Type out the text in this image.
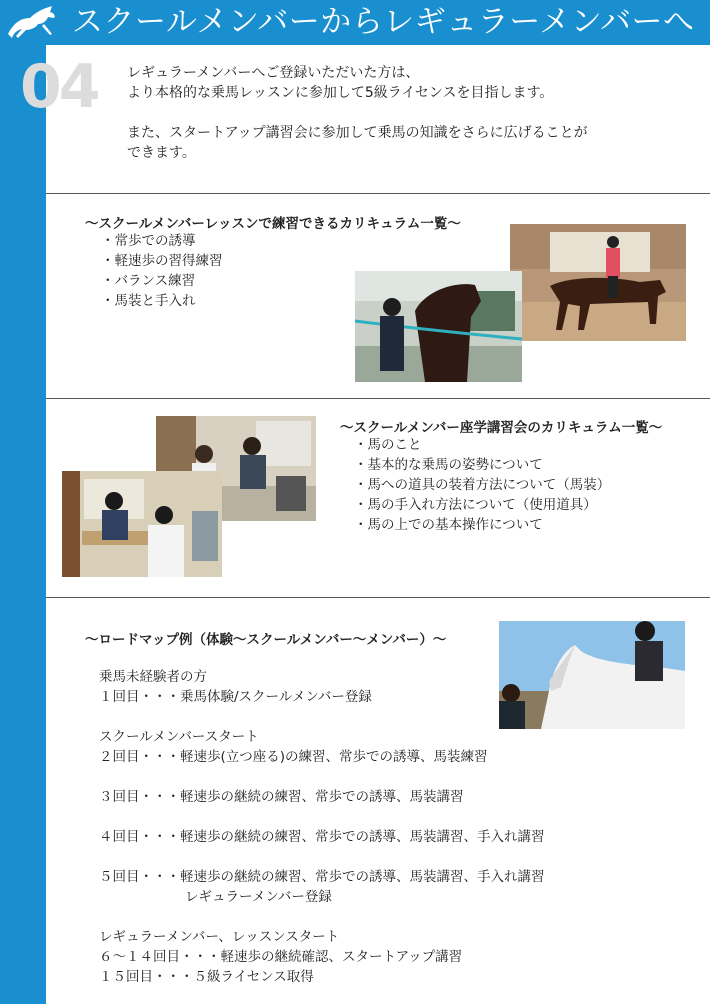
スクールメンバーからレギュラーメンバーへ
04 レギュラーメンバーへご登録いただいた方は、

より本格的な乗馬レッスンに参加して5級ライセンスを目指します。

また、スタートアップ講習会に参加して乗馬の知識をさらに広げることが

できます。

～スクールメンバーレッスンで練習できるカリキュラム一覧～
・常歩での誘導
・軽速歩の習得練習
・バランス練習
・馬装と手入れ
～スクールメンバー座学講習会のカリキュラム一覧～
・馬のこと
・基本的な乗馬の姿勢について
・馬への道具の装着方法について（馬装）
・馬の手入れ方法について（使用道具）
・馬の上での基本操作について
～ロードマップ例（体験～スクールメンバー～メンバー）～
乗馬未経験者の方
１回目・・・乗馬体験/スクールメンバー登録
スクールメンバースタート
２回目・・・軽速歩(立つ座る)の練習、常歩での誘導、馬装練習
３回目・・・軽速歩の継続の練習、常歩での誘導、馬装講習
４回目・・・軽速歩の継続の練習、常歩での誘導、馬装講習、手入れ講習
５回目・・・軽速歩の継続の練習、常歩での誘導、馬装講習、手入れ講習
レギュラーメンバー登録
レギュラーメンバー、レッスンスタート
６～１４回目・・・軽速歩の継続確認、スタートアップ講習
１５回目・・・５級ライセンス取得
